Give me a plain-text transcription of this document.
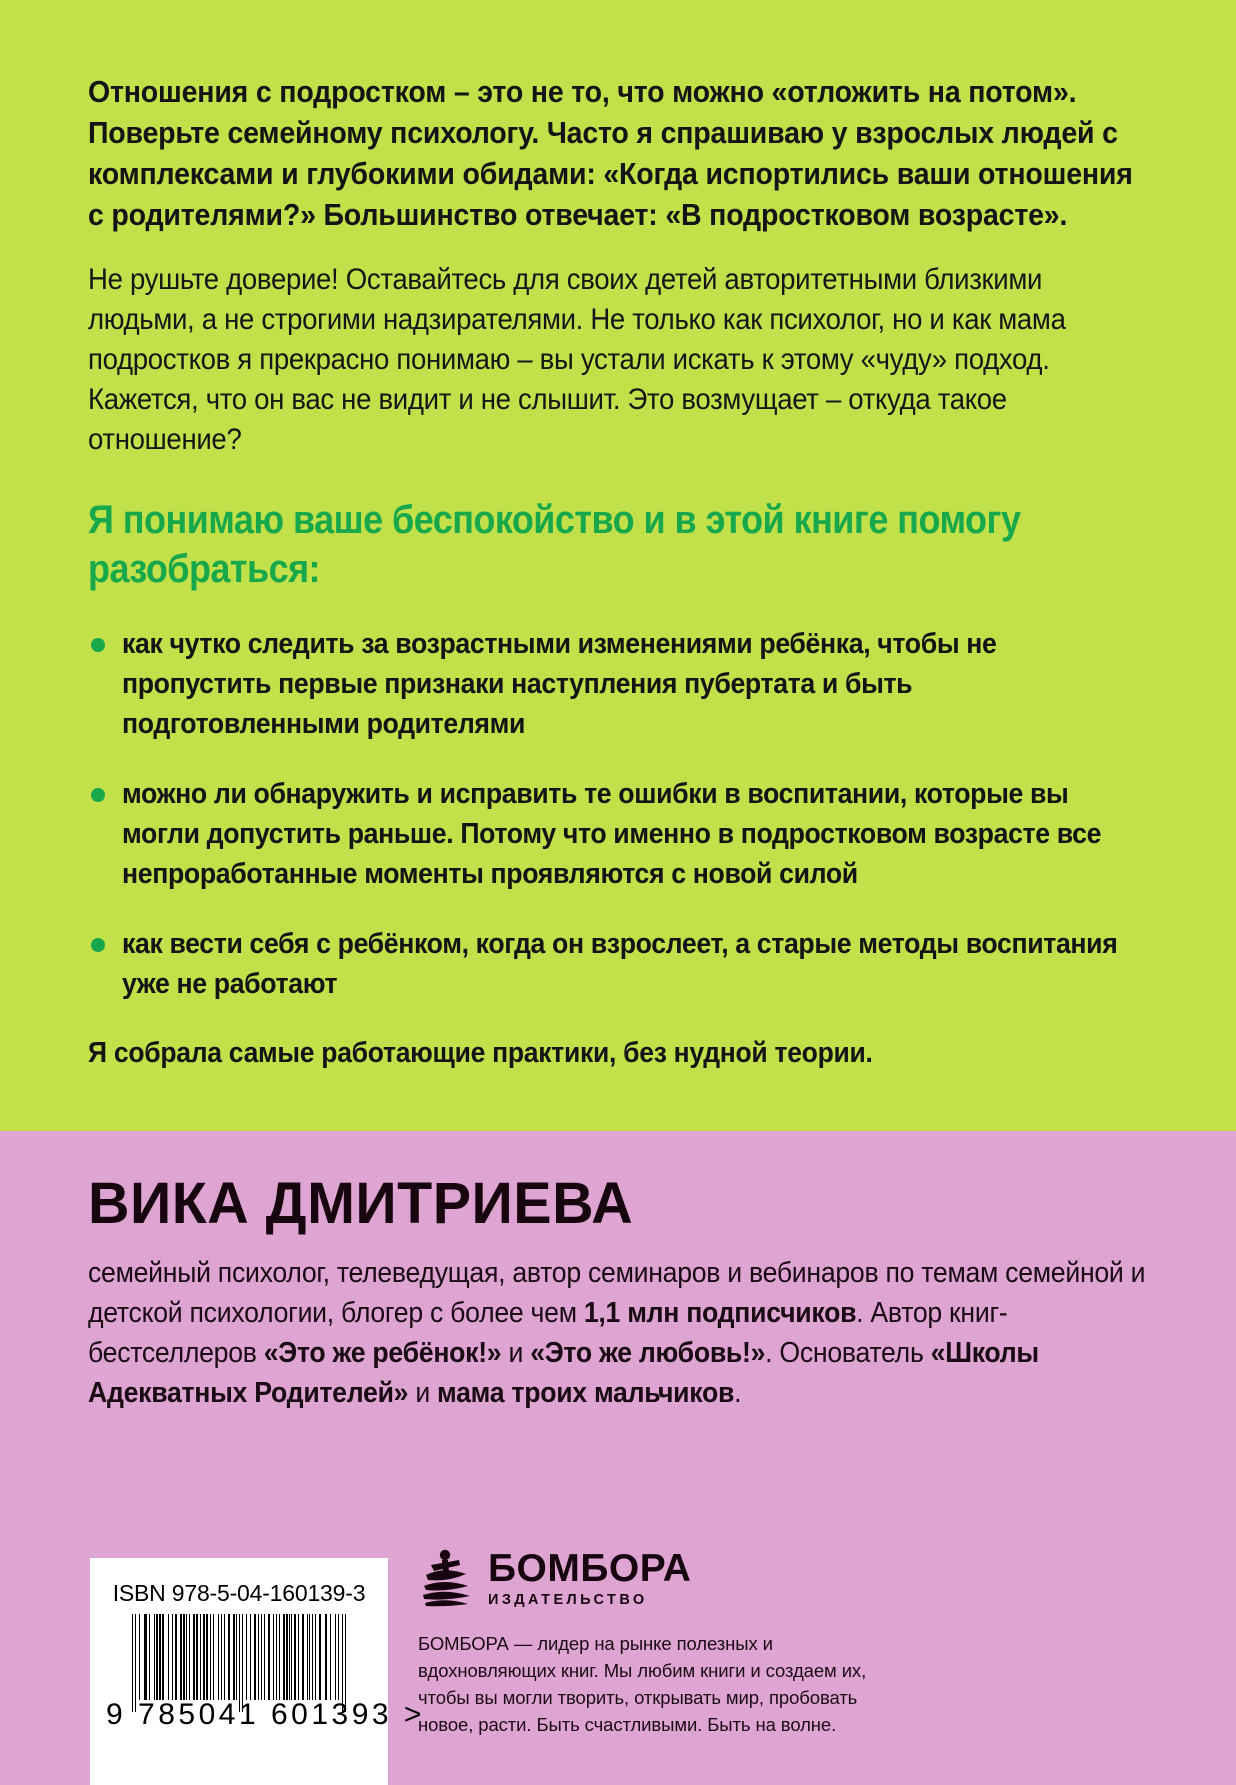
Отношения с подростком – это не то, что можно «отложить на потом». Поверьте семейному психологу. Часто я спрашиваю у взрослых людей с комплексами и глубокими обидами: «Когда испортились ваши отношения с родителями?» Большинство отвечает: «В подростковом возрасте».

Не рушьте доверие! Оставайтесь для своих детей авторитетными близкими людьми, а не строгими надзирателями. Не только как психолог, но и как мама подростков я прекрасно понимаю – вы устали искать к этому «чуду» подход. Кажется, что он вас не видит и не слышит. Это возмущает – откуда такое отношение?

Я понимаю ваше беспокойство и в этой книге помогу разобраться:
как чутко следить за возрастными изменениями ребёнка, чтобы не пропустить первые признаки наступления пубертата и быть подготовленными родителями
можно ли обнаружить и исправить те ошибки в воспитании, которые вы могли допустить раньше. Потому что именно в подростковом возрасте все непроработанные моменты проявляются с новой силой
как вести себя с ребёнком, когда он взрослеет, а старые методы воспитания уже не работают

Я собрала самые работающие практики, без нудной теории.

ВИКА ДМИТРИЕВА

семейный психолог, телеведущая, автор семинаров и вебинаров по темам семейной и детской психологии, блогер с более чем 1,1 млн подписчиков. Автор книг-бестселлеров «Это же ребёнок!» и «Это же любовь!». Основатель «Школы Адекватных Родителей» и мама троих мальчиков.

ISBN 978-5-04-160139-3
9 785041 601393 >
БОМБОРА
ИЗДАТЕЛЬСТВО

БОМБОРА — лидер на рынке полезных и вдохновляющих книг. Мы любим книги и создаем их, чтобы вы могли творить, открывать мир, пробовать новое, расти. Быть счастливыми. Быть на волне.
